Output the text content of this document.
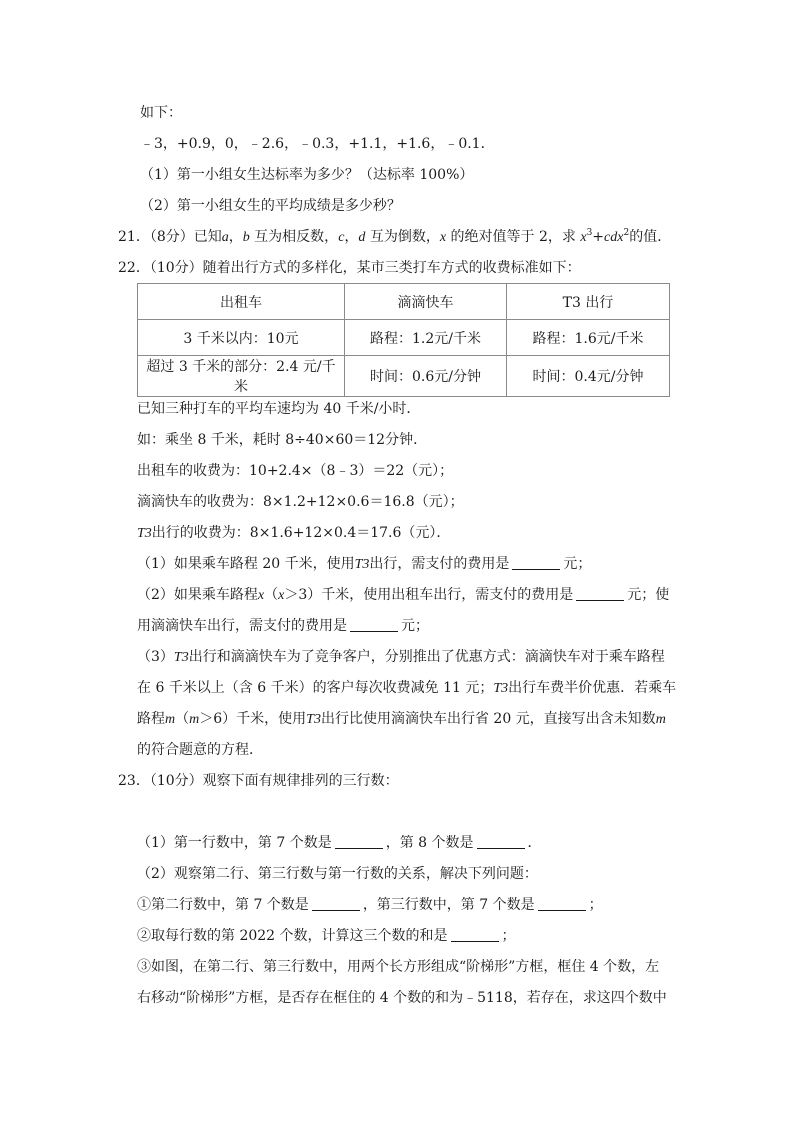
如下：
﹣3，+0.9，0，﹣2.6，﹣0.3，+1.1，+1.6，﹣0.1．
（1）第一小组女生达标率为多少？（达标率 100%）
（2）第一小组女生的平均成绩是多少秒？
21．（8分）已知a，b 互为相反数，c，d 互为倒数，x 的绝对值等于 2，求 $x^3+cdx^2$的值．
22．（10分）随着出行方式的多样化，某市三类打车方式的收费标准如下：
出租车	滴滴快车	T3 出行
3 千米以内：10元	路程：1.2元/千米	路程：1.6元/千米
超过 3 千米的部分：2.4 元/千米	时间：0.6元/分钟	时间：0.4元/分钟
已知三种打车的平均车速均为 40 千米/小时．
如：乘坐 8 千米，耗时 8÷40×60＝12分钟．
出租车的收费为：10+2.4×（8﹣3）＝22（元）；
滴滴快车的收费为：8×1.2+12×0.6＝16.8（元）；
T3出行的收费为：8×1.6+12×0.4＝17.6（元）．
（1）如果乘车路程 20 千米，使用T3出行，需支付的费用是	元；
（2）如果乘车路程x（x＞3）千米，使用出租车出行，需支付的费用是	元；使
用滴滴快车出行，需支付的费用是	元；
（3）T3出行和滴滴快车为了竞争客户，分别推出了优惠方式：滴滴快车对于乘车路程
在 6 千米以上（含 6 千米）的客户每次收费减免 11 元；T3出行车费半价优惠．若乘车
路程m（m＞6）千米，使用T3出行比使用滴滴快车出行省 20 元，直接写出含未知数m
的符合题意的方程．
23．（10分）观察下面有规律排列的三行数：
（1）第一行数中，第 7 个数是	，第 8 个数是	．
（2）观察第二行、第三行数与第一行数的关系，解决下列问题：
①第二行数中，第 7 个数是	，第三行数中，第 7 个数是	；
②取每行数的第 2022 个数，计算这三个数的和是	；
③如图，在第二行、第三行数中，用两个长方形组成“阶梯形”方框，框住 4 个数，左
右移动“阶梯形”方框，是否存在框住的 4 个数的和为﹣5118，若存在，求这四个数中
